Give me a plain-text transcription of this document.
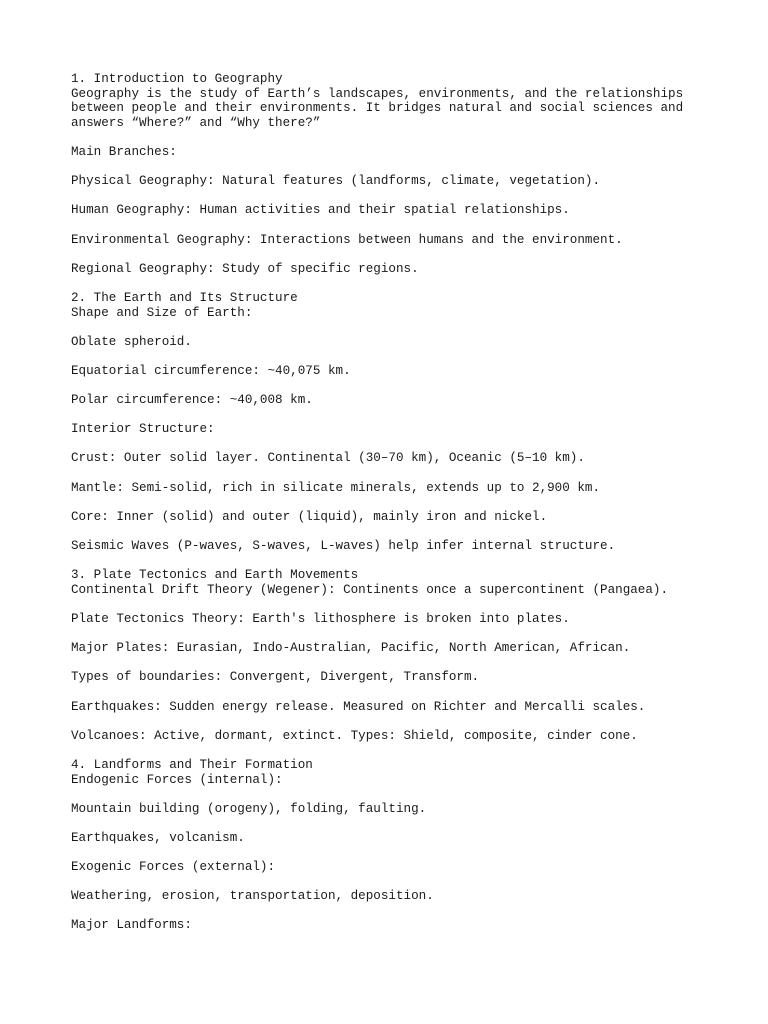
1. Introduction to Geography
Geography is the study of Earth’s landscapes, environments, and the relationships
between people and their environments. It bridges natural and social sciences and
answers “Where?” and “Why there?”
Main Branches:
Physical Geography: Natural features (landforms, climate, vegetation).
Human Geography: Human activities and their spatial relationships.
Environmental Geography: Interactions between humans and the environment.
Regional Geography: Study of specific regions.
2. The Earth and Its Structure
Shape and Size of Earth:
Oblate spheroid.
Equatorial circumference: ~40,075 km.
Polar circumference: ~40,008 km.
Interior Structure:
Crust: Outer solid layer. Continental (30–70 km), Oceanic (5–10 km).
Mantle: Semi-solid, rich in silicate minerals, extends up to 2,900 km.
Core: Inner (solid) and outer (liquid), mainly iron and nickel.
Seismic Waves (P-waves, S-waves, L-waves) help infer internal structure.
3. Plate Tectonics and Earth Movements
Continental Drift Theory (Wegener): Continents once a supercontinent (Pangaea).
Plate Tectonics Theory: Earth's lithosphere is broken into plates.
Major Plates: Eurasian, Indo-Australian, Pacific, North American, African.
Types of boundaries: Convergent, Divergent, Transform.
Earthquakes: Sudden energy release. Measured on Richter and Mercalli scales.
Volcanoes: Active, dormant, extinct. Types: Shield, composite, cinder cone.
4. Landforms and Their Formation
Endogenic Forces (internal):
Mountain building (orogeny), folding, faulting.
Earthquakes, volcanism.
Exogenic Forces (external):
Weathering, erosion, transportation, deposition.
Major Landforms:
